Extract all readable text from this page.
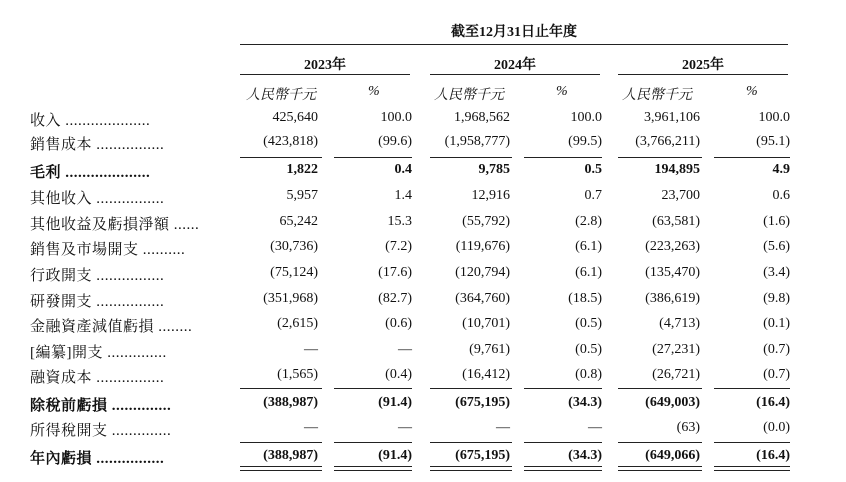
截至12月31日止年度
2023年	2024年	2025年
人民幣千元	%	人民幣千元	%	人民幣千元	%
收入 ....................	425,640	100.0	1,968,562	100.0	3,961,106	100.0
銷售成本 ................	(423,818)	(99.6)	(1,958,777)	(99.5)	(3,766,211)	(95.1)
毛利 ....................	1,822	0.4	9,785	0.5	194,895	4.9
其他收入 ................	5,957	1.4	12,916	0.7	23,700	0.6
其他收益及虧損淨額 ......	65,242	15.3	(55,792)	(2.8)	(63,581)	(1.6)
銷售及市場開支 ..........	(30,736)	(7.2)	(119,676)	(6.1)	(223,263)	(5.6)
行政開支 ................	(75,124)	(17.6)	(120,794)	(6.1)	(135,470)	(3.4)
研發開支 ................	(351,968)	(82.7)	(364,760)	(18.5)	(386,619)	(9.8)
金融資產減值虧損 ........	(2,615)	(0.6)	(10,701)	(0.5)	(4,713)	(0.1)
[編纂]開支 ..............	—	—	(9,761)	(0.5)	(27,231)	(0.7)
融資成本 ................	(1,565)	(0.4)	(16,412)	(0.8)	(26,721)	(0.7)
除稅前虧損 ..............	(388,987)	(91.4)	(675,195)	(34.3)	(649,003)	(16.4)
所得稅開支 ..............	—	—	—	—	(63)	(0.0)
年內虧損 ................	(388,987)	(91.4)	(675,195)	(34.3)	(649,066)	(16.4)
